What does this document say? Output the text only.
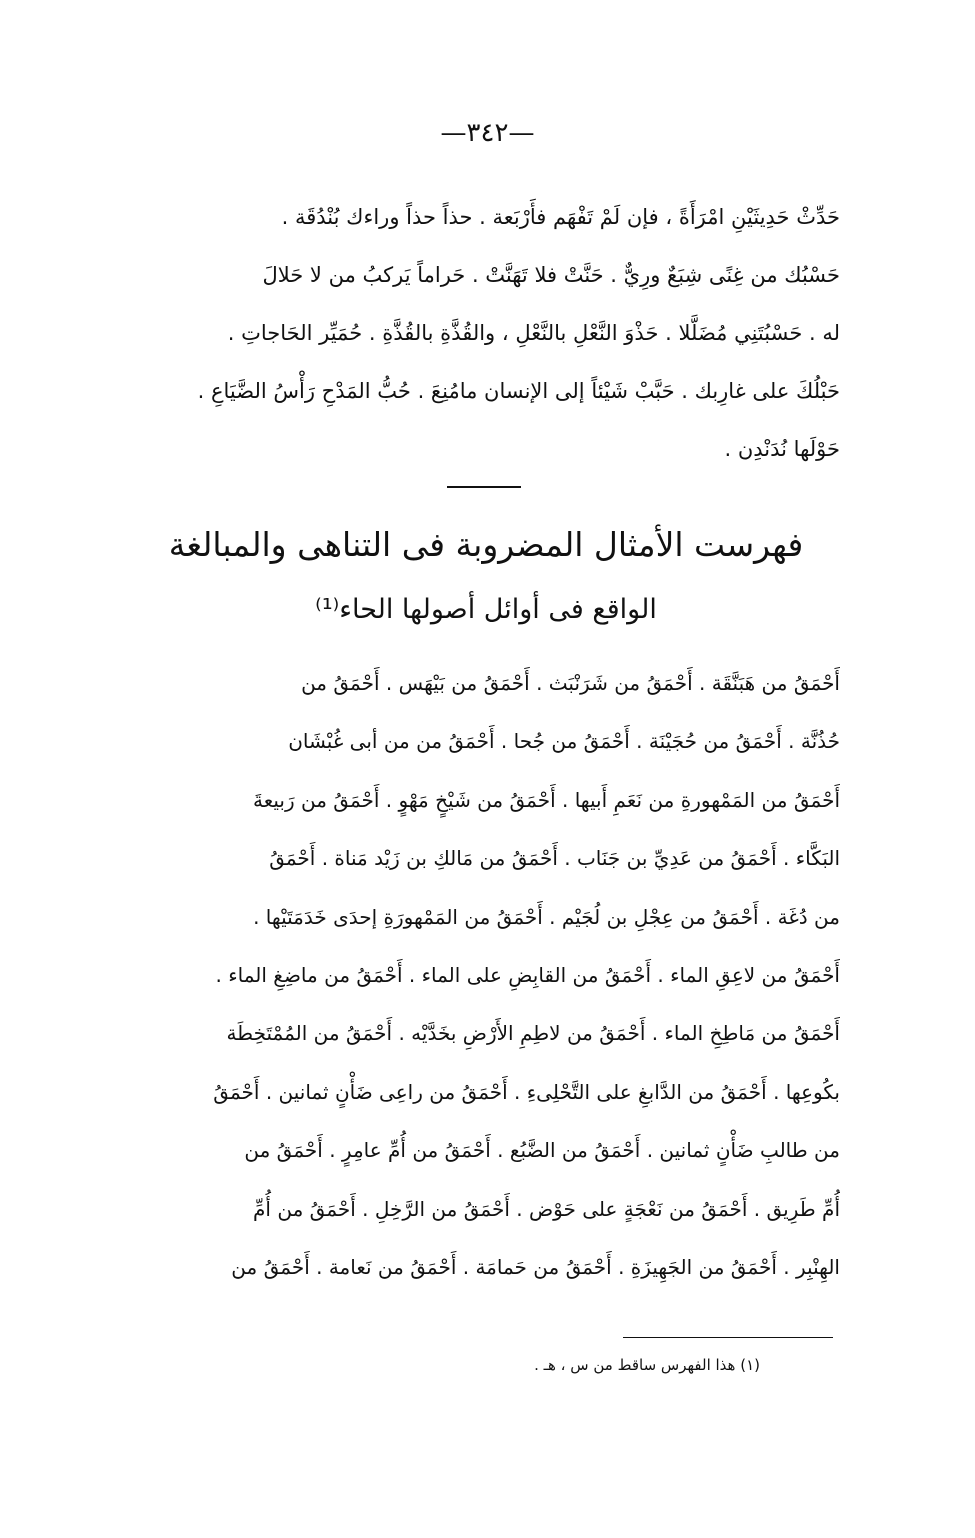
—٣٤٢—
حَدِّثْ حَدِيثَيْنِ امْرَأَةً ، فإن لَمْ تَفْهَم فأَرْبَعة . حذاً حذاً وراءك بُنْدُقَة .
حَسْبُك من غِنًى شِبَعٌ ورِيٌّ . حَنَّتْ فلا تَهَنَّتْ . حَراماً يَركبُ من لا حَلالَ
له . حَسْبُتَنِي مُضَلَّلا . حَذْوَ النَّعْلِ بالنَّعْلِ ، والقُذَّةِ بالقُذَّةِ . حُمَيِّر الحَاجاتِ .
حَبْلُكَ على غارِبك . حَبَّبْ شَيْئاً إلى الإنسان مامُنِعَ . حُبُّ المَدْحِ رَأْسُ الضَّيَاعِ .
حَوْلَها نُدَنْدِن .
فهرست الأمثال المضروبة فى التناهى والمبالغة
الواقع فى أوائل أصولها الحاء⁽¹⁾
أَحْمَقُ من هَبَنَّقَة . أَحْمَقُ من شَرَنْبَث . أَحْمَقُ من بَيْهَس . أَحْمَقُ من
حُذُنَّة . أَحْمَقُ من حُجَيْنَة . أَحْمَقُ من جُحا . أَحْمَقُ من من أبى غُبْشَان
أَحْمَقُ من المَمْهورةِ من نَعَمِ أَبيها . أَحْمَقُ من شَيْخٍ مَهْوٍ . أَحْمَقُ من رَبيعةَ
البَكَّاء . أَحْمَقُ من عَدِيِّ بن جَنَاب . أَحْمَقُ من مَالكِ بن زَيْد مَناة . أَحْمَقُ
من دُغَة . أَحْمَقُ من عِجْلِ بن لُجَيْم . أَحْمَقُ من المَمْهورَةِ إحدَى خَدَمَتَيْها .
أَحْمَقُ من لاعِقِ الماء . أَحْمَقُ من القابِضِ على الماء . أَحْمَقُ من ماضِغِ الماء .
أَحْمَقُ من مَاطِخِ الماء . أَحْمَقُ من لاطِمِ الأَرْضِ بخَدَّيْه . أَحْمَقُ من المُمْتَخِطَة
بكُوعِها . أَحْمَقُ من الدَّابغِ على التَّحْلِىءِ . أَحْمَقُ من راعِى ضَأْنٍ ثمانين . أَحْمَقُ
من طالبِ ضَأْنٍ ثمانين . أَحْمَقُ من الضَّبُع . أَحْمَقُ من أُمِّ عامِرٍ . أَحْمَقُ من
أُمِّ طَرِيق . أَحْمَقُ من نَعْجَةٍ على حَوْض . أَحْمَقُ من الرَّخِلِ . أَحْمَقُ من أُمِّ
الهِنْبِر . أَحْمَقُ من الجَهِيزَةِ . أَحْمَقُ من حَمامَة . أَحْمَقُ من نَعامة . أَحْمَقُ من
(١) هذا الفهرس ساقط من س ، هـ .
